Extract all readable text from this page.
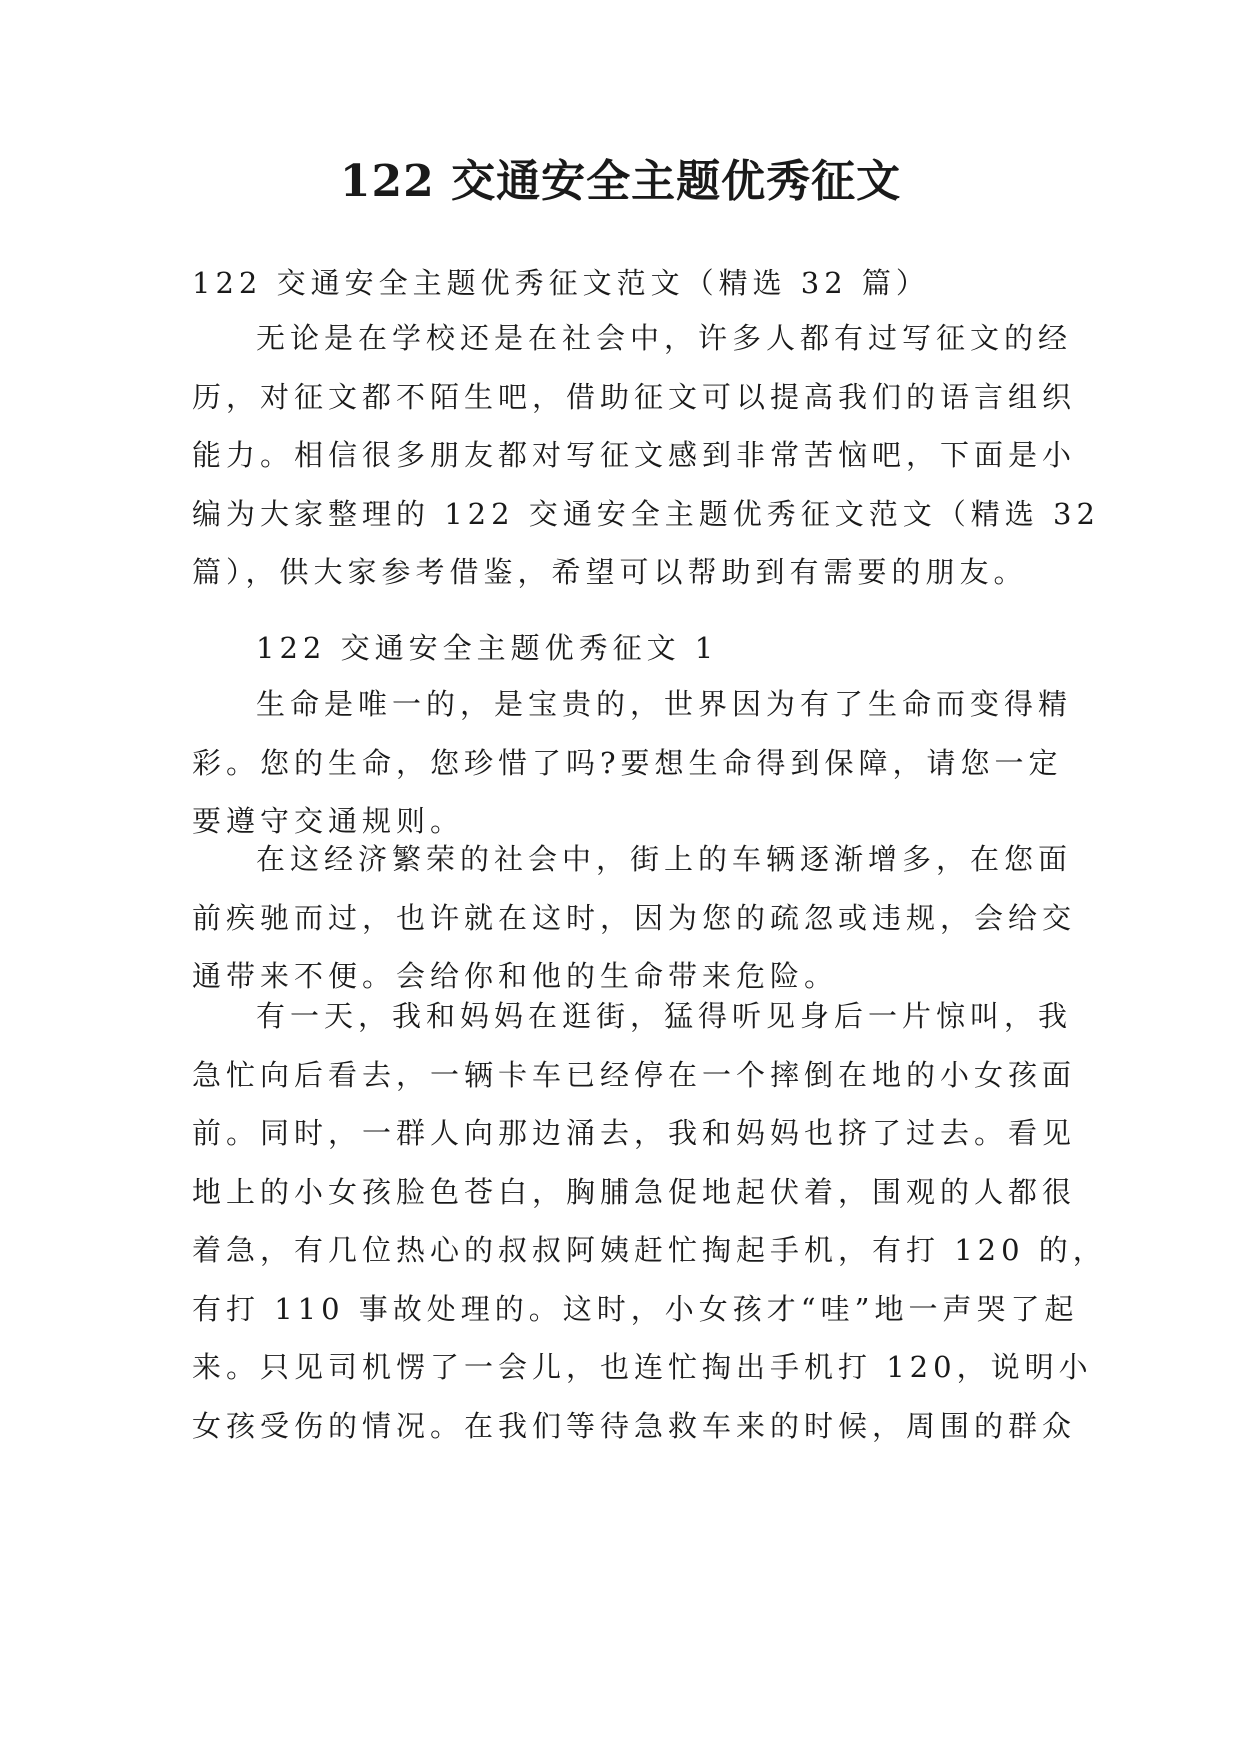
122 交通安全主题优秀征文
122 交通安全主题优秀征文范文（精选 32 篇）
无论是在学校还是在社会中，许多人都有过写征文的经
历，对征文都不陌生吧，借助征文可以提高我们的语言组织
能力。相信很多朋友都对写征文感到非常苦恼吧，下面是小
编为大家整理的 122 交通安全主题优秀征文范文（精选 32
篇），供大家参考借鉴，希望可以帮助到有需要的朋友。
122 交通安全主题优秀征文 1
生命是唯一的，是宝贵的，世界因为有了生命而变得精
彩。您的生命，您珍惜了吗?要想生命得到保障，请您一定
要遵守交通规则。
在这经济繁荣的社会中，街上的车辆逐渐增多，在您面
前疾驰而过，也许就在这时，因为您的疏忽或违规，会给交
通带来不便。会给你和他的生命带来危险。
有一天，我和妈妈在逛街，猛得听见身后一片惊叫，我
急忙向后看去，一辆卡车已经停在一个摔倒在地的小女孩面
前。同时，一群人向那边涌去，我和妈妈也挤了过去。看见
地上的小女孩脸色苍白，胸脯急促地起伏着，围观的人都很
着急，有几位热心的叔叔阿姨赶忙掏起手机，有打 120 的，
有打 110 事故处理的。这时，小女孩才“哇”地一声哭了起
来。只见司机愣了一会儿，也连忙掏出手机打 120，说明小
女孩受伤的情况。在我们等待急救车来的时候，周围的群众
